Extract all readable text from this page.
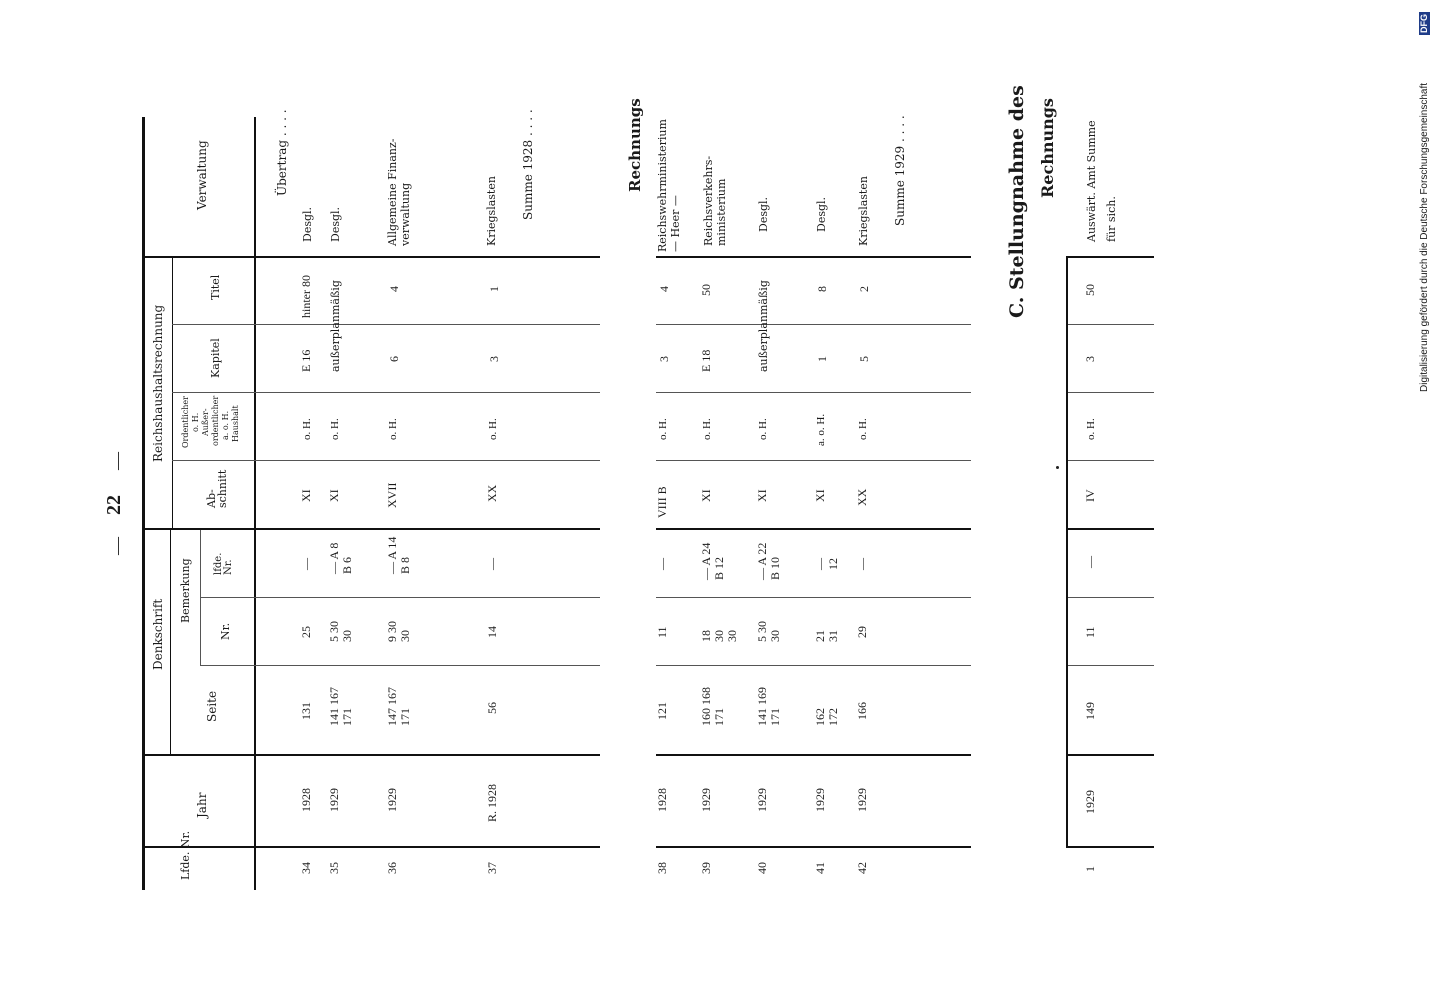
22
—
—
Digitalisierung gefördert durch die Deutsche Forschungsgemeinschaft
DFG
Lfde. Nr.
Jahr
Denkschrift
Seite
Bemerkung
Nr.
lfde. Nr.
Reichshaushaltsrechnung
Ab- schnitt
Ordentlicher o. H. Außer- ordentlicher a. o. H. Haushalt
Kapitel
Titel
Verwaltung	Rechnungs	C. Stellungnahme des Rechnungs
Übertrag . . . .
34
1928
131
25
—
XI
o. H.
E 16
hinter 80
Desgl.
35
1929
141 167 171
5 30 30
— A 8 B 6
XI
o. H.
außerplanmäßig
Desgl.
36
1929
147 167 171
9 30 30
— A 14 B 8
XVII
o. H.
6
4
Allgemeine Finanz- verwaltung
37
R. 1928
56
14
—
XX
o. H.
3
1
Kriegslasten Summe 1928 . . . .
38
1928
121
11
—
VIII B
o. H.
3
4
Reichswehrministerium — Heer —
39
1929
160 168 171
18 30 30
— A 24 B 12
XI
o. H.
E 18
50
Reichsverkehrs- ministerium
40
1929
141 169 171
5 30 30
— A 22 B 10
XI
o. H.
außerplanmäßig
Desgl.
41
1929
162 172
21 31
— 12
XI
a. o. H.
1
8
Desgl.
42
1929
166
29
—
XX
o. H.
5
2
Kriegslasten Summe 1929 . . . .
1
1929
149
11
—
IV
o. H.
3
50
Auswärt. Amt Summe für sich.
